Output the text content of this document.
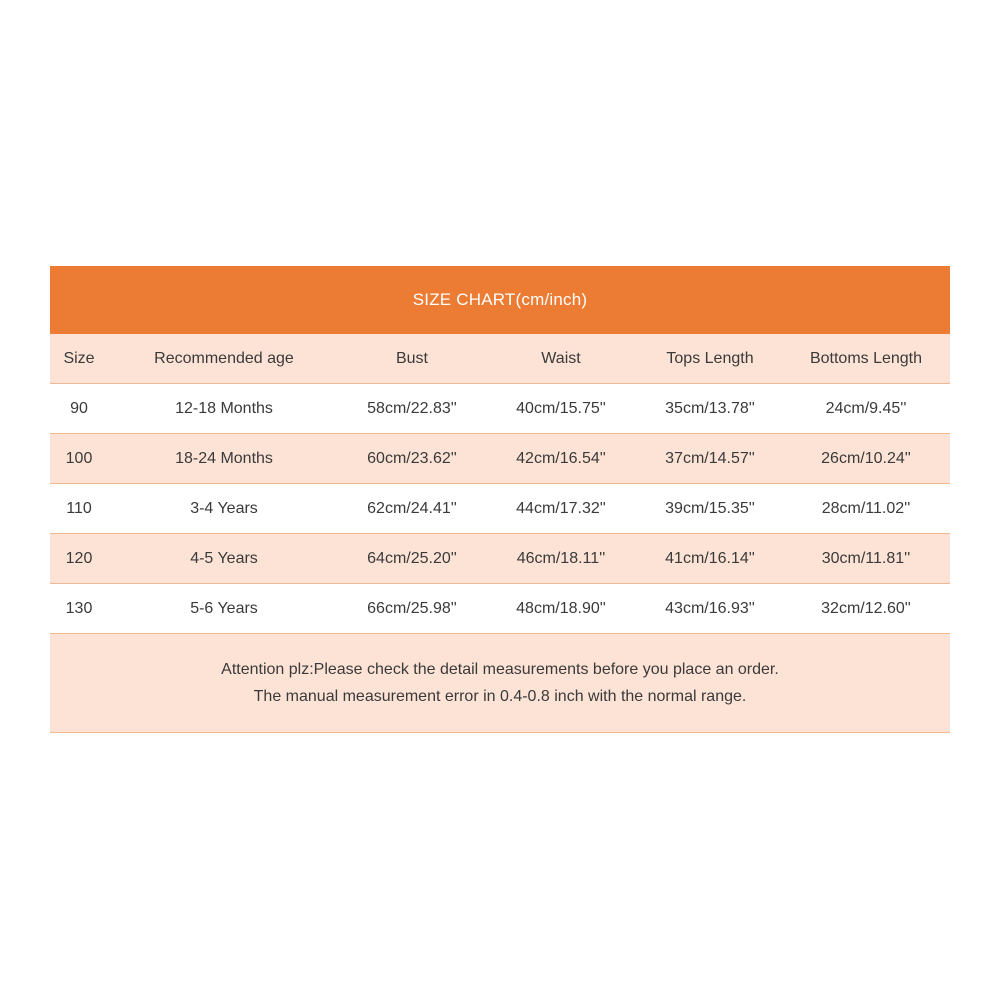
SIZE CHART(cm/inch)
Size	Recommended age	Bust	Waist	Tops Length	Bottoms Length
90	12-18 Months	58cm/22.83''	40cm/15.75''	35cm/13.78''	24cm/9.45''
100	18-24 Months	60cm/23.62''	42cm/16.54''	37cm/14.57''	26cm/10.24''
110	3-4 Years	62cm/24.41''	44cm/17.32''	39cm/15.35''	28cm/11.02''
120	4-5 Years	64cm/25.20''	46cm/18.11''	41cm/16.14''	30cm/11.81''
130	5-6 Years	66cm/25.98''	48cm/18.90''	43cm/16.93''	32cm/12.60''
Attention plz:Please check the detail measurements before you place an order.
The manual measurement error in 0.4-0.8 inch with the normal range.
